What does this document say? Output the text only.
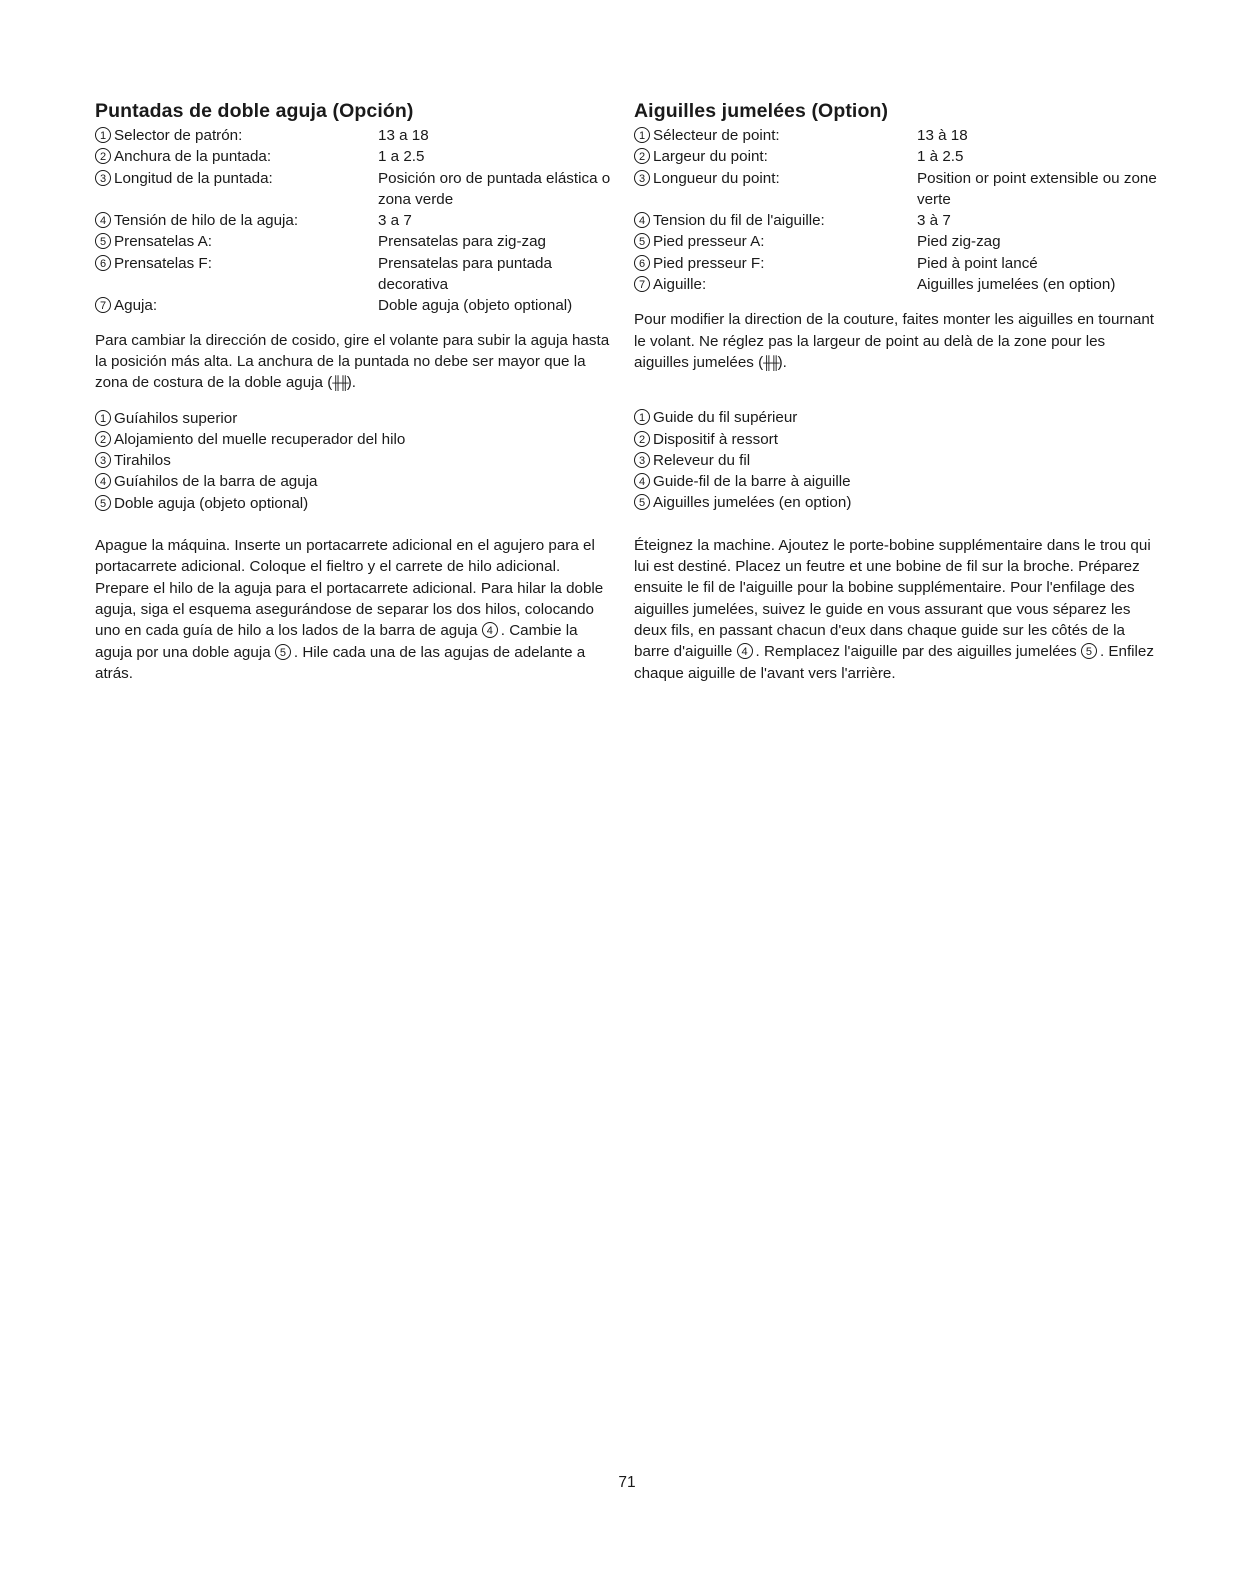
Puntadas de doble aguja (Opción)
1 Selector de patrón:	13 a 18
2 Anchura de la puntada:	1 a 2.5
3 Longitud de la puntada:	Posición oro de puntada elástica o zona verde
4 Tensión de hilo de la aguja:	3 a 7
5 Prensatelas A:	Prensatelas para zig-zag
6 Prensatelas F:	Prensatelas para puntada decorativa
7 Aguja:	Doble aguja (objeto optional)

Para cambiar la dirección de cosido, gire el volante para subir la aguja hasta la posición más alta. La anchura de la puntada no debe ser mayor que la zona de costura de la doble aguja (╫╫).

1 Guíahilos superior
2 Alojamiento del muelle recuperador del hilo
3 Tirahilos
4 Guíahilos de la barra de aguja
5 Doble aguja (objeto optional)

Apague la máquina. Inserte un portacarrete adicional en el agujero para el portacarrete adicional. Coloque el fieltro y el carrete de hilo adicional. Prepare el hilo de la aguja para el portacarrete adicional. Para hilar la doble aguja, siga el esquema asegurándose de separar los dos hilos, colocando uno en cada guía de hilo a los lados de la barra de aguja 4 . Cambie la aguja por una doble aguja 5 . Hile cada una de las agujas de adelante a atrás.

Aiguilles jumelées (Option)
1 Sélecteur de point:	13 à 18
2 Largeur du point:	1 à 2.5
3 Longueur du point:	Position or point extensible ou zone verte
4 Tension du fil de l'aiguille:	3 à 7
5 Pied presseur A:	Pied zig-zag
6 Pied presseur F:	Pied à point lancé
7 Aiguille:	Aiguilles jumelées (en option)

Pour modifier la direction de la couture, faites monter les aiguilles en tournant le volant. Ne réglez pas la largeur de point au delà de la zone pour les aiguilles jumelées (╫╫).

1 Guide du fil supérieur
2 Dispositif à ressort
3 Releveur du fil
4 Guide-fil de la barre à aiguille
5 Aiguilles jumelées (en option)

Éteignez la machine. Ajoutez le porte-bobine supplémentaire dans le trou qui lui est destiné. Placez un feutre et une bobine de fil sur la broche. Préparez ensuite le fil de l'aiguille pour la bobine supplémentaire. Pour l'enfilage des aiguilles jumelées, suivez le guide en vous assurant que vous séparez les deux fils, en passant chacun d'eux dans chaque guide sur les côtés de la barre d'aiguille 4 . Remplacez l'aiguille par des aiguilles jumelées 5 . Enfilez chaque aiguille de l'avant vers l'arrière.

71
